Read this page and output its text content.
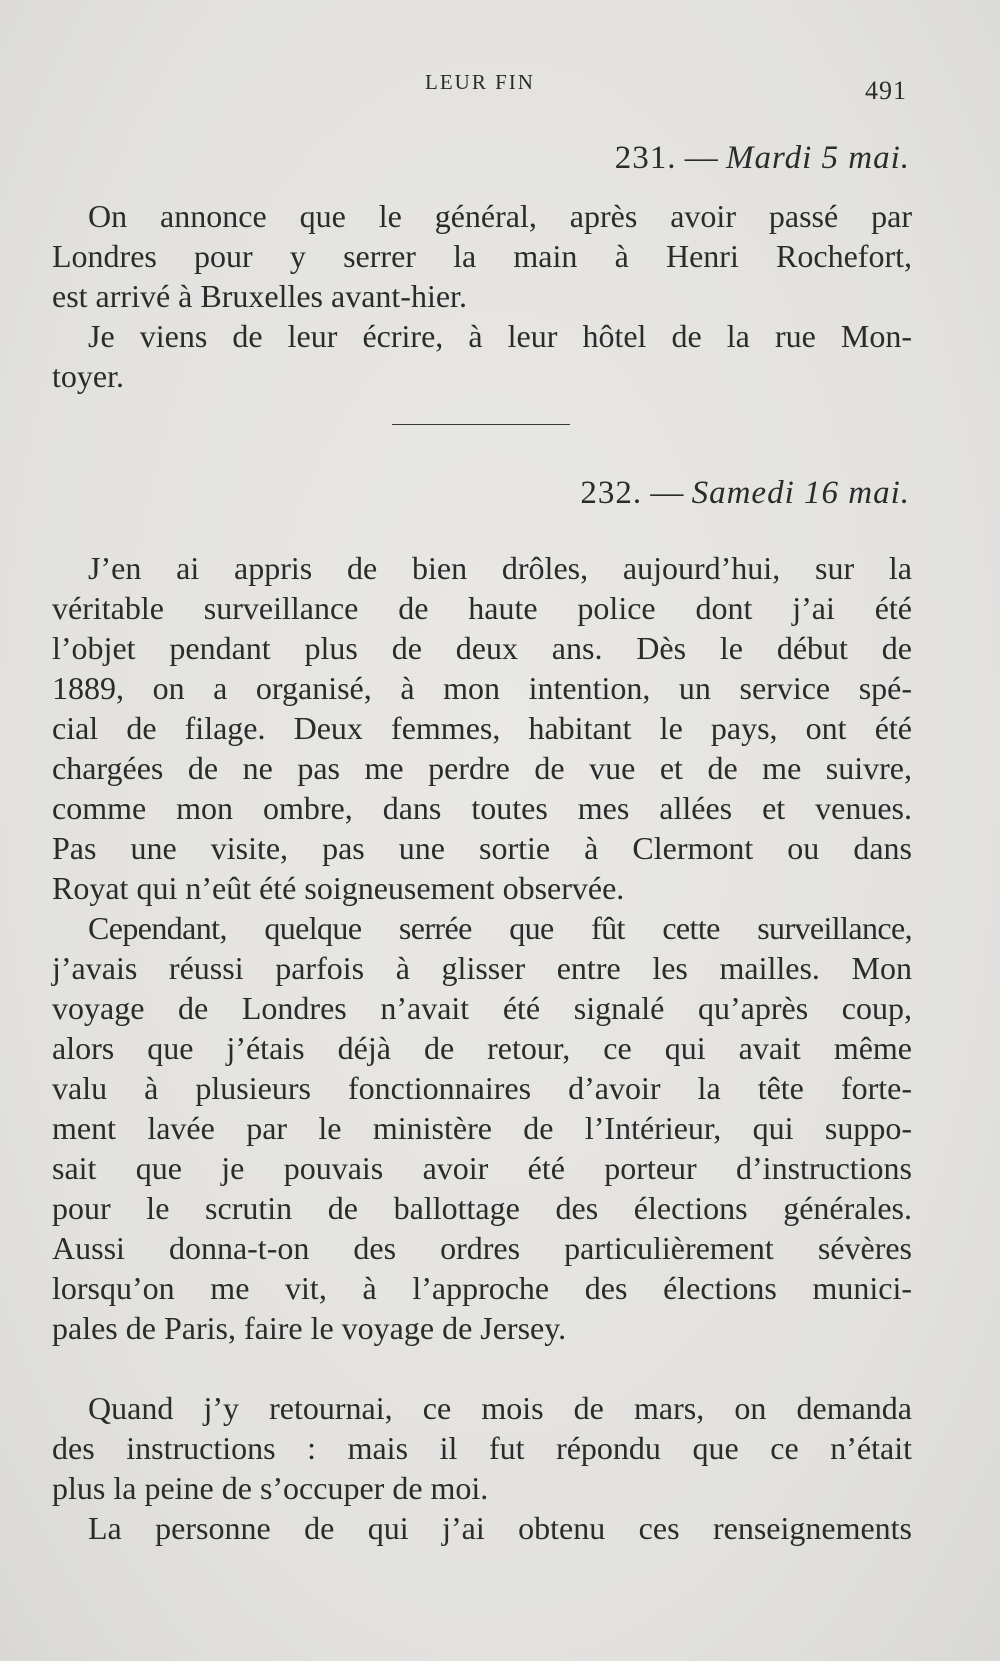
LEUR FIN	491
231. — Mardi 5 mai.
On annonce que le général, après avoir passé par
Londres pour y serrer la main à Henri Rochefort,
est arrivé à Bruxelles avant-hier.
Je viens de leur écrire, à leur hôtel de la rue Mon-
toyer.
232. — Samedi 16 mai.
J’en ai appris de bien drôles, aujourd’hui, sur la
véritable surveillance de haute police dont j’ai été
l’objet pendant plus de deux ans. Dès le début de
1889, on a organisé, à mon intention, un service spé-
cial de filage. Deux femmes, habitant le pays, ont été
chargées de ne pas me perdre de vue et de me suivre,
comme mon ombre, dans toutes mes allées et venues.
Pas une visite, pas une sortie à Clermont ou dans
Royat qui n’eût été soigneusement observée.
Cependant, quelque serrée que fût cette surveillance,
j’avais réussi parfois à glisser entre les mailles. Mon
voyage de Londres n’avait été signalé qu’après coup,
alors que j’étais déjà de retour, ce qui avait même
valu à plusieurs fonctionnaires d’avoir la tête forte-
ment lavée par le ministère de l’Intérieur, qui suppo-
sait que je pouvais avoir été porteur d’instructions
pour le scrutin de ballottage des élections générales.
Aussi donna-t-on des ordres particulièrement sévères
lorsqu’on me vit, à l’approche des élections munici-
pales de Paris, faire le voyage de Jersey.
Quand j’y retournai, ce mois de mars, on demanda
des instructions : mais il fut répondu que ce n’était
plus la peine de s’occuper de moi.
La personne de qui j’ai obtenu ces renseignements
